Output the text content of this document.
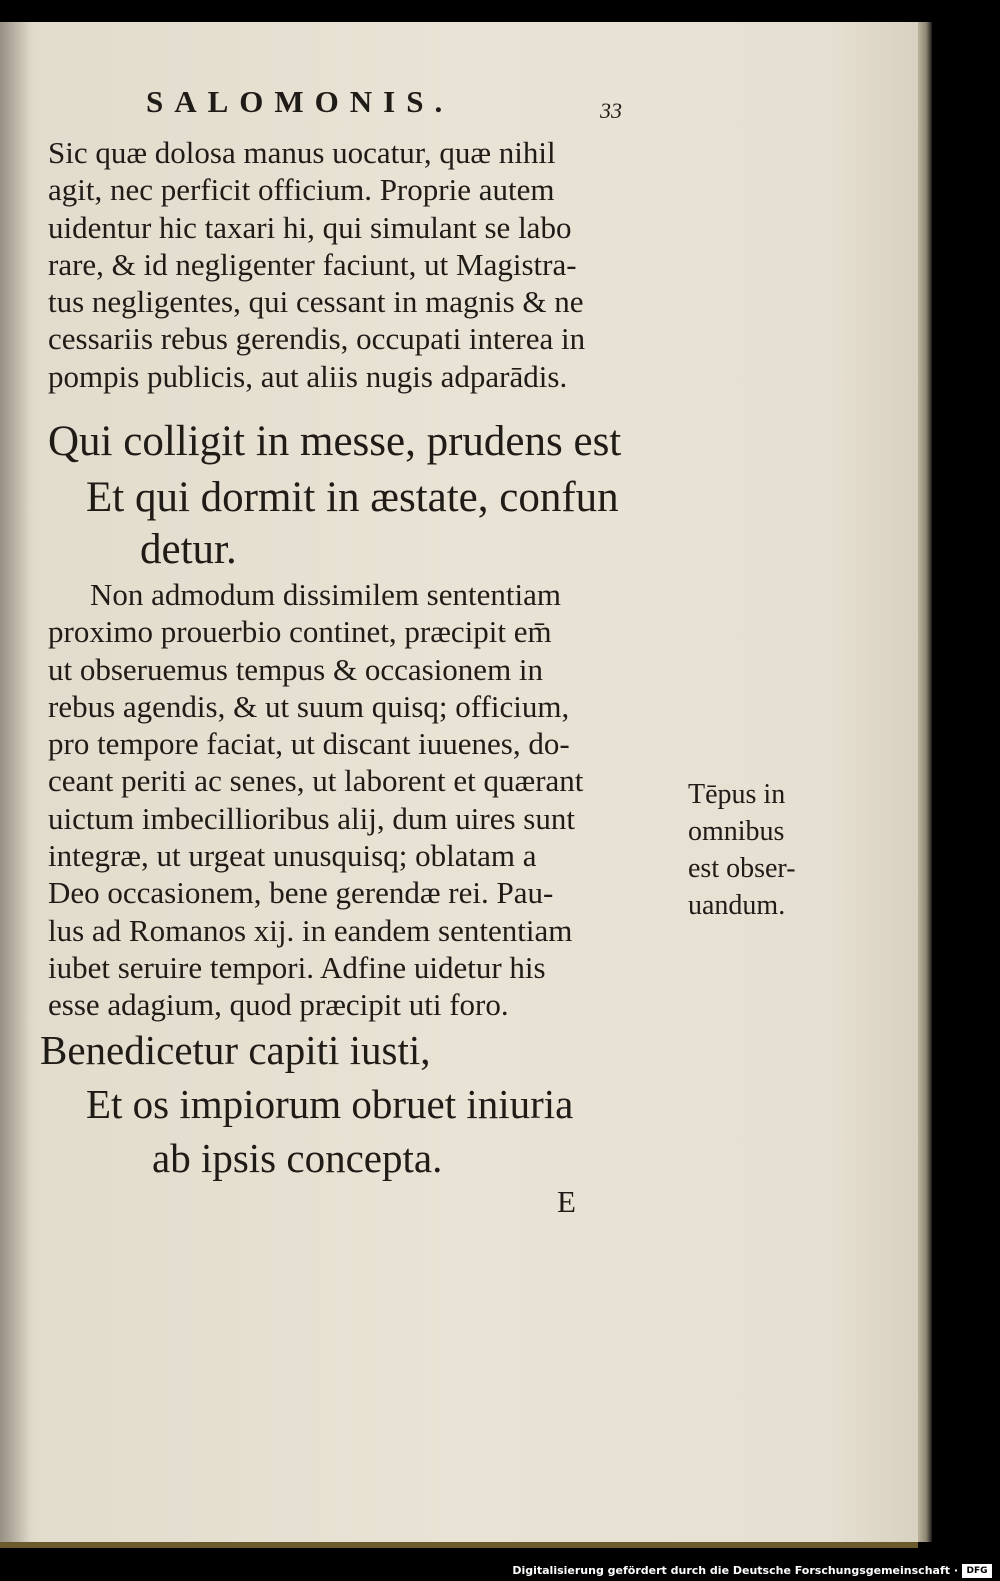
SALOMONIS.	33
Sic quæ dolosa manus uocatur, quæ nihil
agit, nec perficit officium. Proprie autem
uidentur hic taxari hi, qui simulant se labo
rare, & id negligenter faciunt, ut Magistra-
tus negligentes, qui cessant in magnis & ne
cessariis rebus gerendis, occupati interea in
pompis publicis, aut aliis nugis adparādis.
Qui colligit in messe, prudens est
Et qui dormit in æstate, confun
detur.
Non admodum dissimilem sententiam
proximo prouerbio continet, præcipit em̄
ut obseruemus tempus & occasionem in
rebus agendis, & ut suum quisq; officium,
pro tempore faciat, ut discant iuuenes, do-
ceant periti ac senes, ut laborent et quærant
uictum imbecillioribus alij, dum uires sunt
integræ, ut urgeat unusquisq; oblatam a
Deo occasionem, bene gerendæ rei. Pau-
lus ad Romanos xij. in eandem sententiam
iubet seruire tempori. Adfine uidetur his
esse adagium, quod præcipit uti foro.
Tēpus in
omnibus
est obser-
uandum.
Benedicetur capiti iusti,
Et os impiorum obruet iniuria
ab ipsis concepta.
E
Digitalisierung gefördert durch die Deutsche Forschungsgemeinschaft · DFG
